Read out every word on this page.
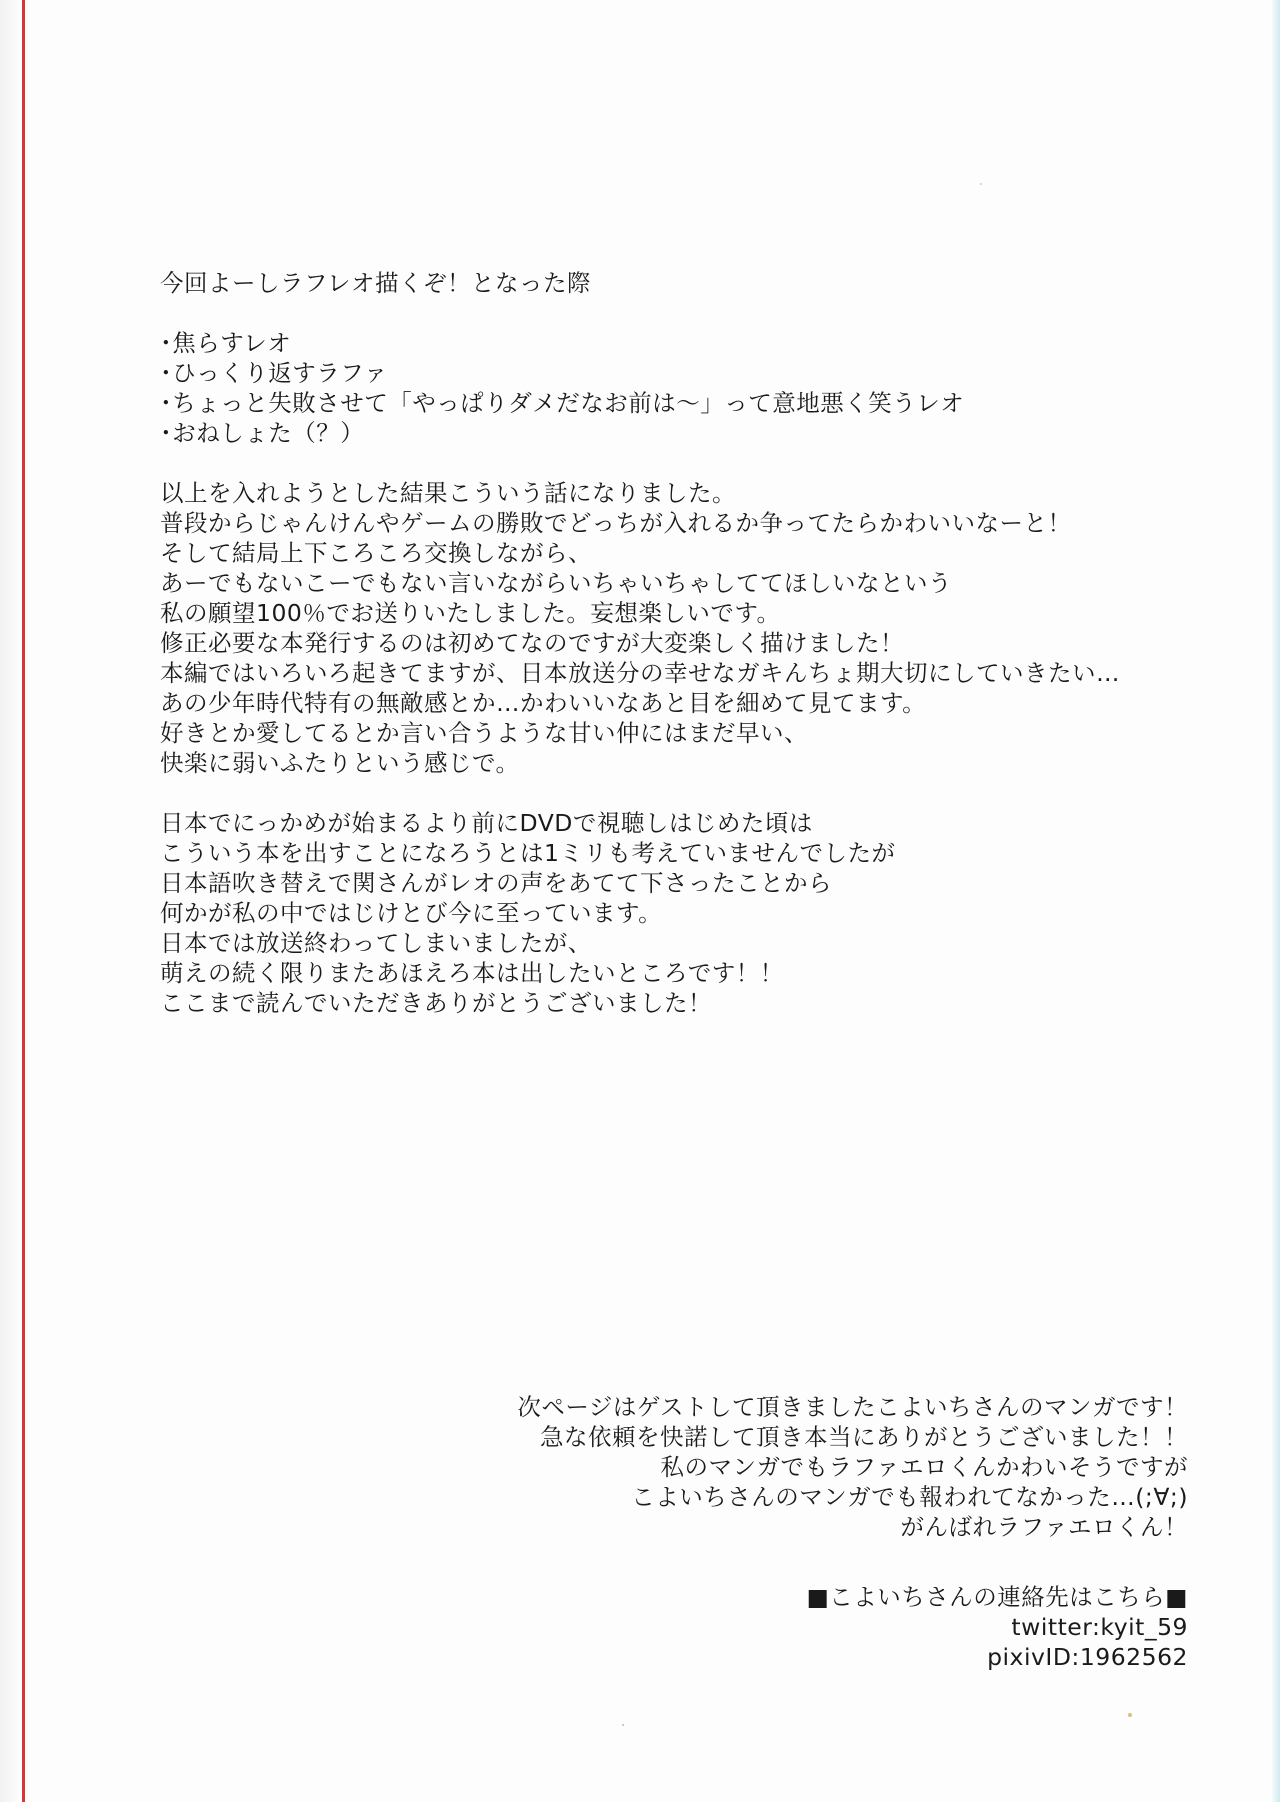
今回よーしラフレオ描くぞ！となった際
･焦らすレオ
･ひっくり返すラファ
･ちょっと失敗させて「やっぱりダメだなお前は～」って意地悪く笑うレオ
･おねしょた（？）
以上を入れようとした結果こういう話になりました。
普段からじゃんけんやゲームの勝敗でどっちが入れるか争ってたらかわいいなーと！
そして結局上下ころころ交換しながら、
あーでもないこーでもない言いながらいちゃいちゃしててほしいなという
私の願望100％でお送りいたしました。妄想楽しいです。
修正必要な本発行するのは初めてなのですが大変楽しく描けました！
本編ではいろいろ起きてますが、日本放送分の幸せなガキんちょ期大切にしていきたい…
あの少年時代特有の無敵感とか…かわいいなあと目を細めて見てます。
好きとか愛してるとか言い合うような甘い仲にはまだ早い、
快楽に弱いふたりという感じで。
日本でにっかめが始まるより前にDVDで視聴しはじめた頃は
こういう本を出すことになろうとは1ミリも考えていませんでしたが
日本語吹き替えで関さんがレオの声をあてて下さったことから
何かが私の中ではじけとび今に至っています。
日本では放送終わってしまいましたが、
萌えの続く限りまたあほえろ本は出したいところです！！
ここまで読んでいただきありがとうございました！
次ページはゲストして頂きましたこよいちさんのマンガです！
急な依頼を快諾して頂き本当にありがとうございました！！
私のマンガでもラファエロくんかわいそうですが
こよいちさんのマンガでも報われてなかった…(;∀;)
がんばれラファエロくん！
■こよいちさんの連絡先はこちら■
twitter:kyit_59
pixivID:1962562
